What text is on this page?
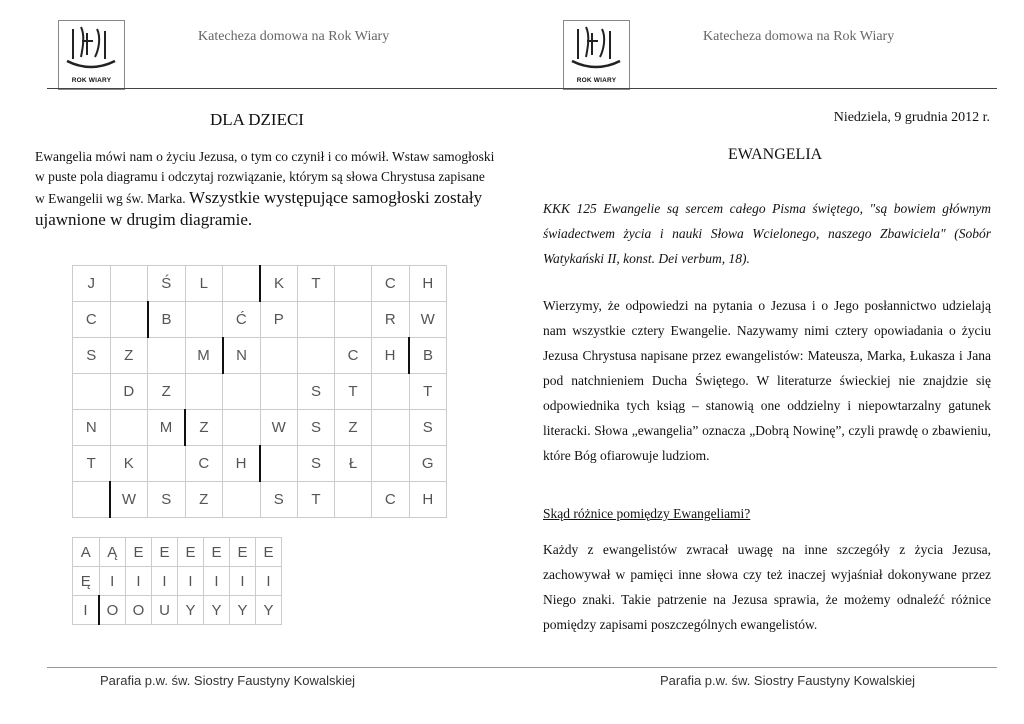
ROK WIARY
Katecheza domowa na Rok Wiary
ROK WIARY
Katecheza domowa na Rok Wiary
DLA DZIECI
Ewangelia mówi nam o życiu Jezusa, o tym co czynił i co mówił. Wstaw samogłoski w puste pola diagramu i odczytaj rozwiązanie, którym są słowa Chrystusa zapisane w Ewangelii wg św. Marka. Wszystkie występujące samogłoski zostały ujawnione w drugim diagramie.
J		Ś	L		K	T		C	H
C		B		Ć	P			R	W
S	Z		M	N			C	H	B
	D	Z				S	T		T
N		M	Z		W	S	Z		S
T	K		C	H		S	Ł		G
	W	S	Z		S	T		C	H
A	Ą	E	E	E	E	E	E
Ę	I	I	I	I	I	I	I
I	O	O	U	Y	Y	Y	Y
Niedziela, 9 grudnia 2012 r.
EWANGELIA
KKK 125 Ewangelie są sercem całego Pisma świętego, "są bowiem głównym świadectwem życia i nauki Słowa Wcielonego, naszego Zbawiciela" (Sobór Watykański II, konst. Dei verbum, 18).
Wierzymy, że odpowiedzi na pytania o Jezusa i o Jego posłannictwo udzielają nam wszystkie cztery Ewangelie. Nazywamy nimi cztery opowiadania o życiu Jezusa Chrystusa napisane przez ewangelistów: Mateusza, Marka, Łukasza i Jana pod natchnieniem Ducha Świętego. W literaturze świeckiej nie znajdzie się odpowiednika tych ksiąg – stanowią one oddzielny i niepowtarzalny gatunek literacki. Słowa „ewangelia” oznacza „Dobrą Nowinę”, czyli prawdę o zbawieniu, które Bóg ofiarowuje ludziom.
Skąd różnice pomiędzy Ewangeliami?
Każdy z ewangelistów zwracał uwagę na inne szczegóły z życia Jezusa, zachowywał w pamięci inne słowa czy też inaczej wyjaśniał dokonywane przez Niego znaki. Takie patrzenie na Jezusa sprawia, że możemy odnaleźć różnice pomiędzy zapisami poszczególnych ewangelistów.
Parafia p.w. św. Siostry Faustyny Kowalskiej	Parafia p.w. św. Siostry Faustyny Kowalskiej
